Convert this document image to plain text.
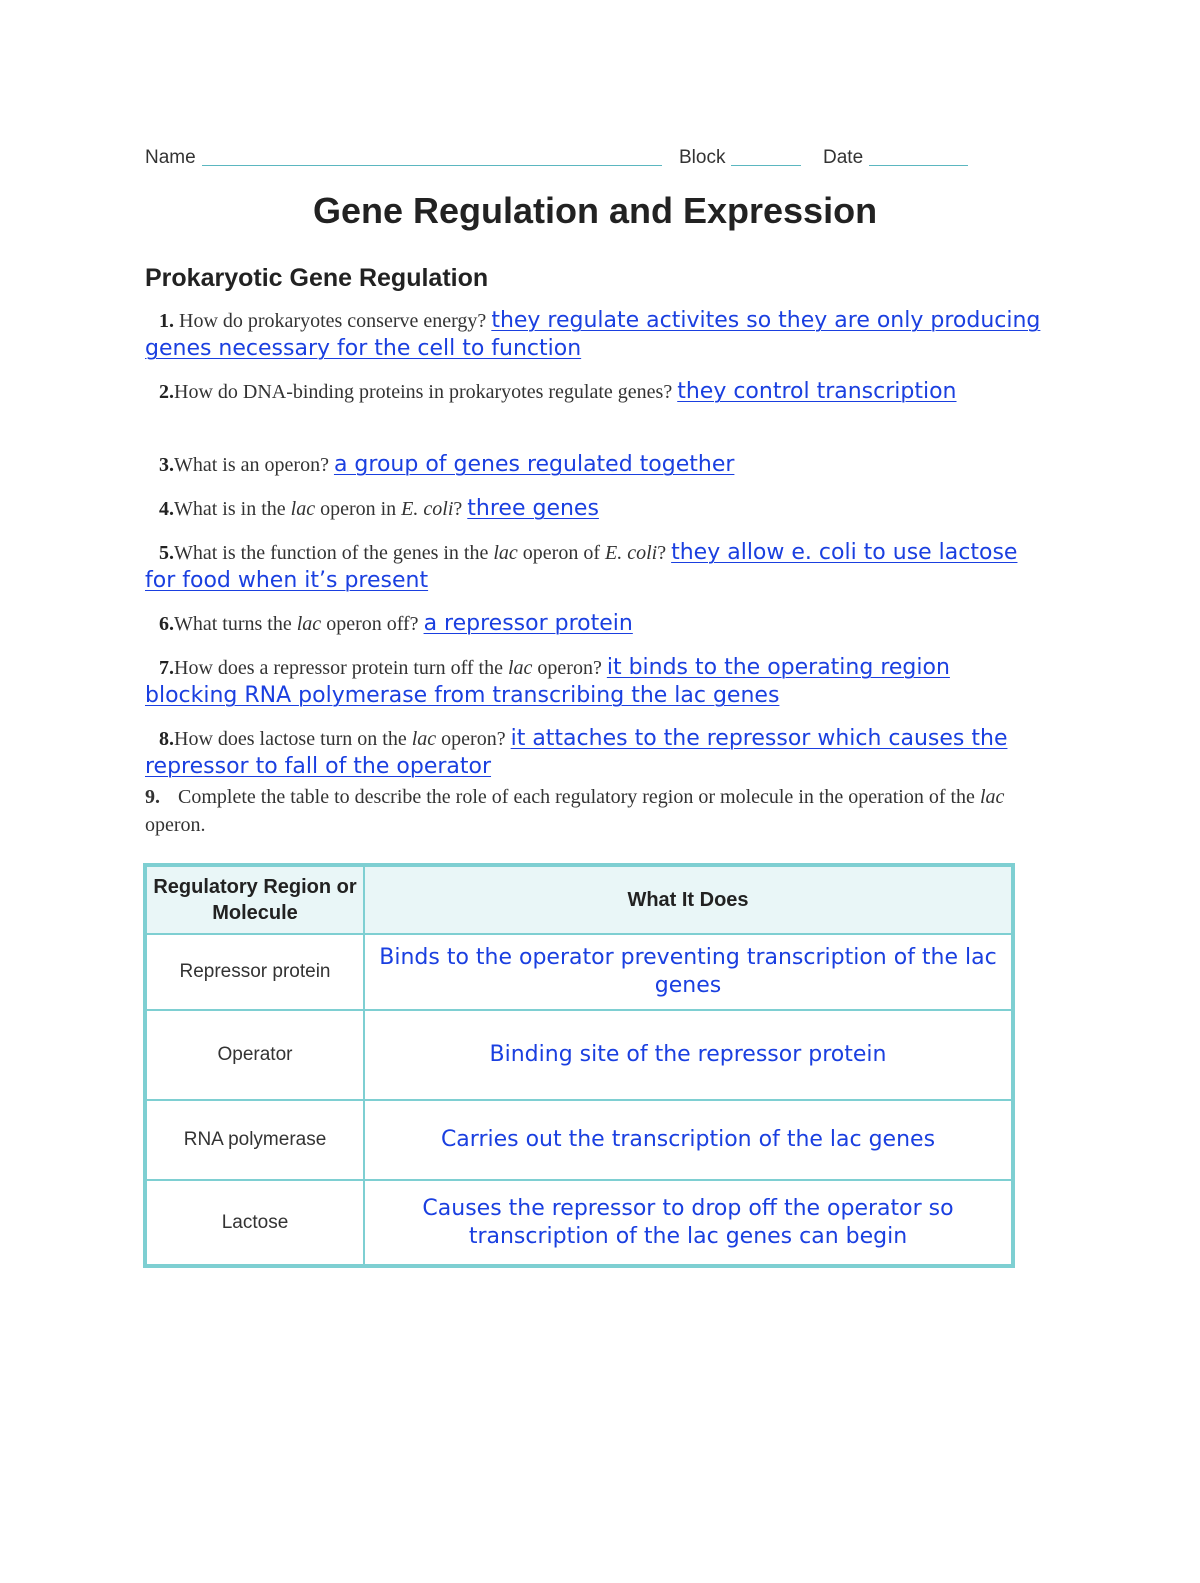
Name	Block	Date
Gene Regulation and Expression
Prokaryotic Gene Regulation
1. How do prokaryotes conserve energy? they regulate activites so they are only producing genes necessary for the cell to function
2.How do DNA-binding proteins in prokaryotes regulate genes? they control transcription
3.What is an operon? a group of genes regulated together
4.What is in the lac operon in E. coli? three genes
5.What is the function of the genes in the lac operon of E. coli? they allow e. coli to use lactose for food when it’s present
6.What turns the lac operon off? a repressor protein
7.How does a repressor protein turn off the lac operon? it binds to the operating region blocking RNA polymerase from transcribing the lac genes
8.How does lactose turn on the lac operon? it attaches to the repressor which causes the repressor to fall of the operator
9. Complete the table to describe the role of each regulatory region or molecule in the operation of the lac operon.
Regulatory Region or Molecule	What It Does
Repressor protein	Binds to the operator preventing transcription of the lac genes
Operator	Binding site of the repressor protein
RNA polymerase	Carries out the transcription of the lac genes
Lactose	Causes the repressor to drop off the operator so transcription of the lac genes can begin
